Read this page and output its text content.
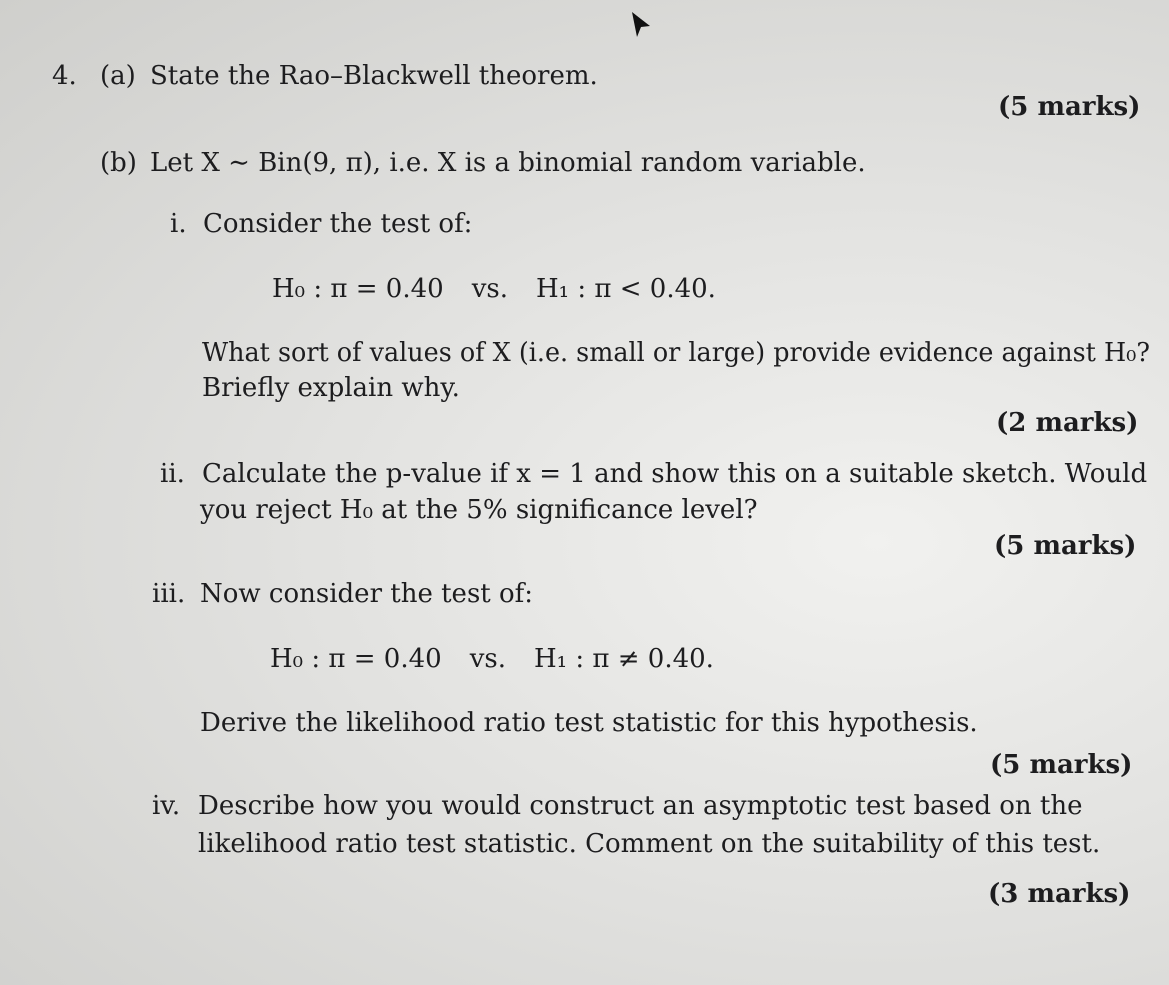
4. (a) State the Rao–Blackwell theorem.
(5 marks)
(b) Let X ∼ Bin(9, π), i.e. X is a binomial random variable.
i. Consider the test of:
H₀ : π = 0.40 vs. H₁ : π < 0.40.
What sort of values of X (i.e. small or large) provide evidence against H₀?
Briefly explain why.
(2 marks)
ii. Calculate the p-value if x = 1 and show this on a suitable sketch. Would
you reject H₀ at the 5% significance level?
(5 marks)
iii. Now consider the test of:
H₀ : π = 0.40 vs. H₁ : π ≠ 0.40.
Derive the likelihood ratio test statistic for this hypothesis.
(5 marks)
iv. Describe how you would construct an asymptotic test based on the
likelihood ratio test statistic. Comment on the suitability of this test.
(3 marks)
